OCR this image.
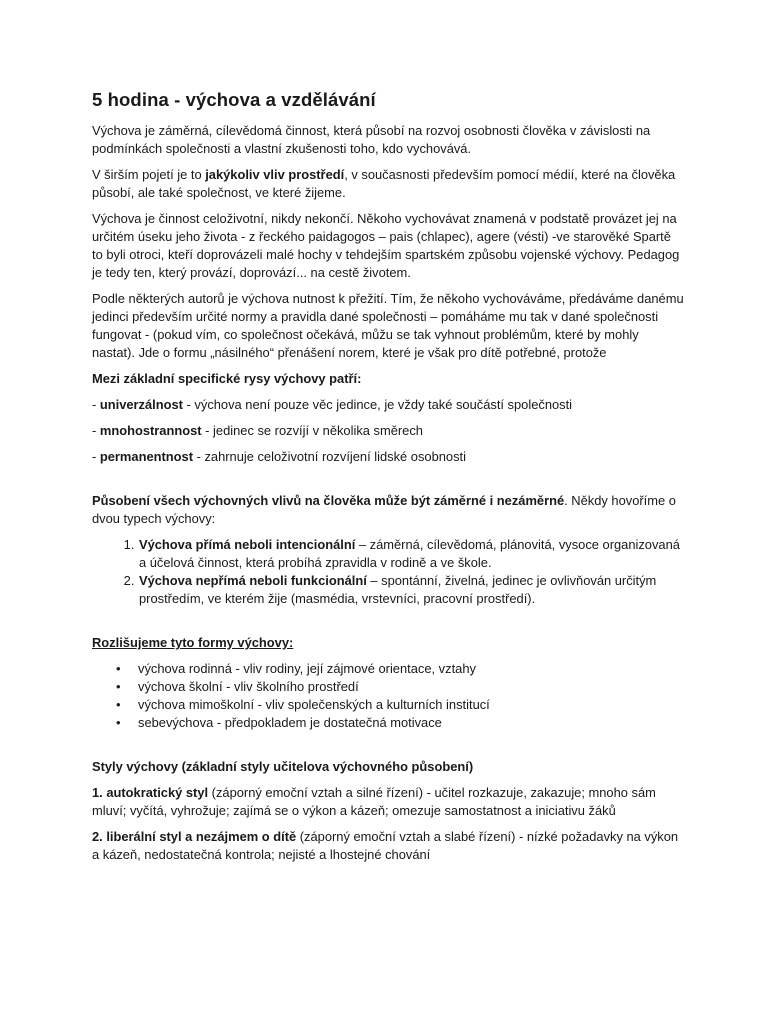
5 hodina - výchova a vzdělávání

Výchova je záměrná, cílevědomá činnost, která působí na rozvoj osobnosti člověka v závislosti na podmínkách společnosti a vlastní zkušenosti toho, kdo vychovává.

V širším pojetí je to jakýkoliv vliv prostředí, v současnosti především pomocí médií, které na člověka působí, ale také společnost, ve které žijeme.

Výchova je činnost celoživotní, nikdy nekončí. Někoho vychovávat znamená v podstatě provázet jej na určitém úseku jeho života - z řeckého paidagogos – pais (chlapec), agere (vésti) -ve starověké Spartě to byli otroci, kteří doprovázeli malé hochy v tehdejším spartském způsobu vojenské výchovy. Pedagog je tedy ten, který provází, doprovází... na cestě životem.

Podle některých autorů je výchova nutnost k přežití. Tím, že někoho vychováváme, předáváme danému jedinci především určité normy a pravidla dané společnosti – pomáháme mu tak v dané společnosti fungovat - (pokud vím, co společnost očekává, můžu se tak vyhnout problémům, které by mohly nastat). Jde o formu „násilného“ přenášení norem, které je však pro dítě potřebné, protože

Mezi základní specifické rysy výchovy patří:

- univerzálnost - výchova není pouze věc jedince, je vždy také součástí společnosti

- mnohostrannost - jedinec se rozvíjí v několika směrech

- permanentnost - zahrnuje celoživotní rozvíjení lidské osobnosti

Působení všech výchovných vlivů na člověka může být záměrné i nezáměrné. Někdy hovoříme o dvou typech výchovy:

1. Výchova přímá neboli intencionální – záměrná, cílevědomá, plánovitá, vysoce organizovaná a účelová činnost, která probíhá zpravidla v rodině a ve škole.
2. Výchova nepřímá neboli funkcionální – spontánní, živelná, jedinec je ovlivňován určitým prostředím, ve kterém žije (masmédia, vrstevníci, pracovní prostředí).

Rozlišujeme tyto formy výchovy:

• výchova rodinná - vliv rodiny, její zájmové orientace, vztahy
• výchova školní - vliv školního prostředí
• výchova mimoškolní - vliv společenských a kulturních institucí
• sebevýchova - předpokladem je dostatečná motivace

Styly výchovy (základní styly učitelova výchovného působení)

1. autokratický styl (záporný emoční vztah a silné řízení) - učitel rozkazuje, zakazuje; mnoho sám mluví; vyčítá, vyhrožuje; zajímá se o výkon a kázeň; omezuje samostatnost a iniciativu žáků

2. liberální styl a nezájmem o dítě (záporný emoční vztah a slabé řízení) - nízké požadavky na výkon a kázeň, nedostatečná kontrola; nejisté a lhostejné chování
